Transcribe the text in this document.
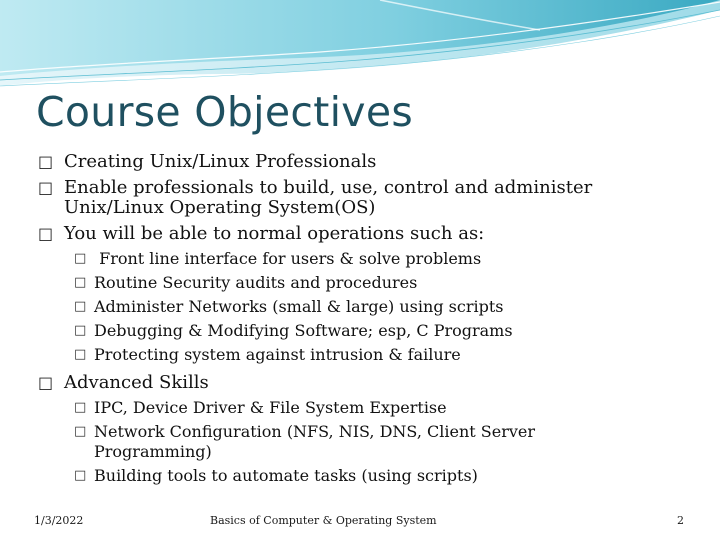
Course Objectives
□ Creating Unix/Linux Professionals
□ Enable professionals to build, use, control and administer Unix/Linux Operating System(OS)
□ You will be able to normal operations such as:
□ Front line interface for users & solve problems
□ Routine Security audits and procedures
□ Administer Networks (small & large) using scripts
□ Debugging & Modifying Software; esp, C Programs
□ Protecting system against intrusion & failure
□ Advanced Skills
□ IPC, Device Driver & File System Expertise
□ Network Configuration (NFS, NIS, DNS, Client Server Programming)
□ Building tools to automate tasks (using scripts)
1/3/2022	Basics of Computer & Operating System	2
